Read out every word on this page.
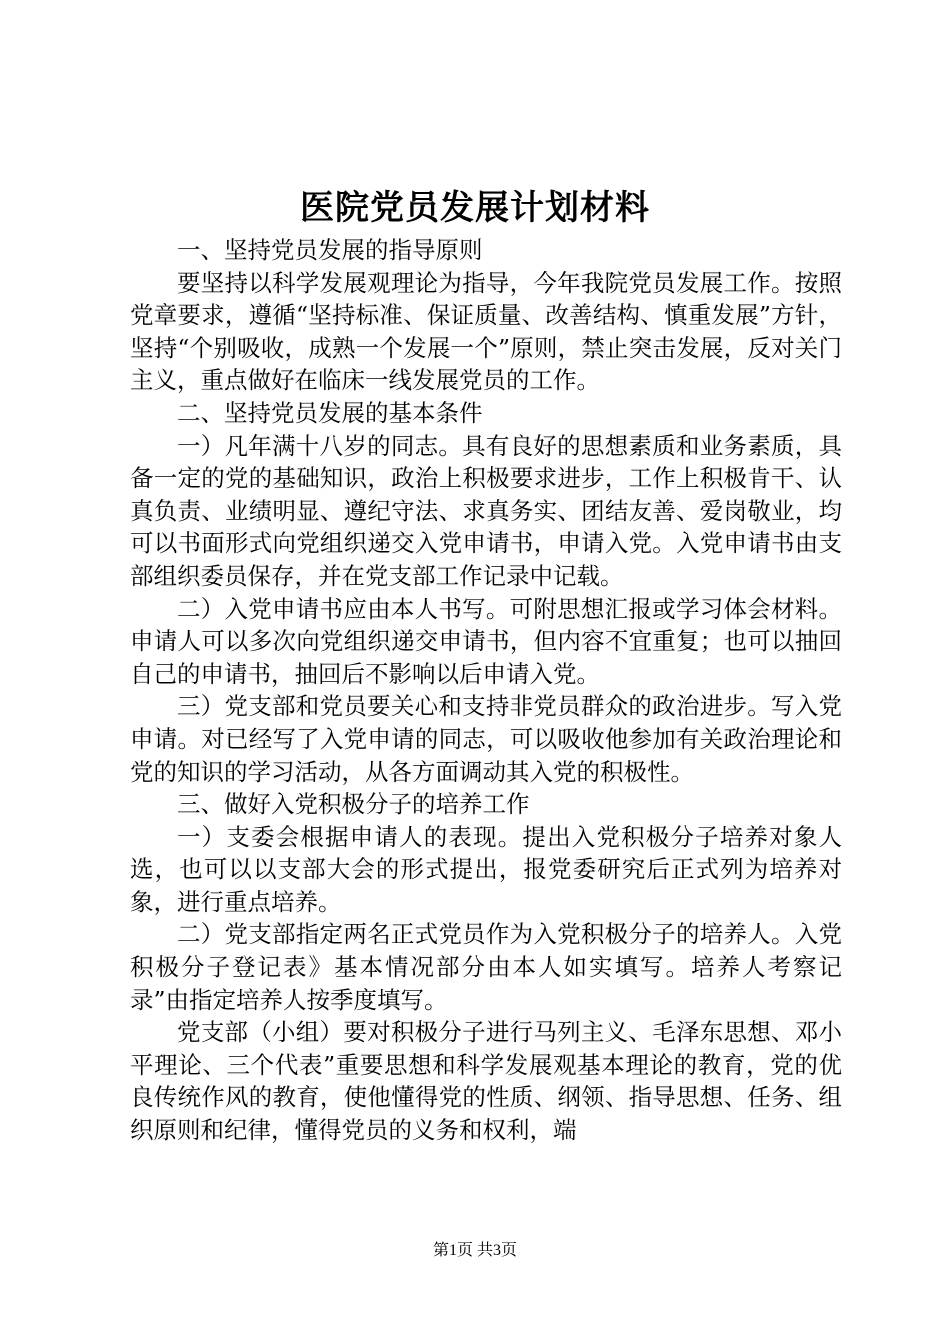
医院党员发展计划材料

一、坚持党员发展的指导原则

要坚持以科学发展观理论为指导，今年我院党员发展工作。按照党章要求，遵循“坚持标准、保证质量、改善结构、慎重发展”方针，坚持“个别吸收，成熟一个发展一个”原则，禁止突击发展，反对关门主义，重点做好在临床一线发展党员的工作。

二、坚持党员发展的基本条件

一）凡年满十八岁的同志。具有良好的思想素质和业务素质，具备一定的党的基础知识，政治上积极要求进步，工作上积极肯干、认真负责、业绩明显、遵纪守法、求真务实、团结友善、爱岗敬业，均可以书面形式向党组织递交入党申请书，申请入党。入党申请书由支部组织委员保存，并在党支部工作记录中记载。

二）入党申请书应由本人书写。可附思想汇报或学习体会材料。申请人可以多次向党组织递交申请书，但内容不宜重复；也可以抽回自己的申请书，抽回后不影响以后申请入党。

三）党支部和党员要关心和支持非党员群众的政治进步。写入党申请。对已经写了入党申请的同志，可以吸收他参加有关政治理论和党的知识的学习活动，从各方面调动其入党的积极性。

三、做好入党积极分子的培养工作

一）支委会根据申请人的表现。提出入党积极分子培养对象人选，也可以以支部大会的形式提出，报党委研究后正式列为培养对象，进行重点培养。

二）党支部指定两名正式党员作为入党积极分子的培养人。入党积极分子登记表》基本情况部分由本人如实填写。培养人考察记录”由指定培养人按季度填写。

党支部（小组）要对积极分子进行马列主义、毛泽东思想、邓小平理论、三个代表”重要思想和科学发展观基本理论的教育，党的优良传统作风的教育，使他懂得党的性质、纲领、指导思想、任务、组织原则和纪律，懂得党员的义务和权利，端

第1页 共3页
